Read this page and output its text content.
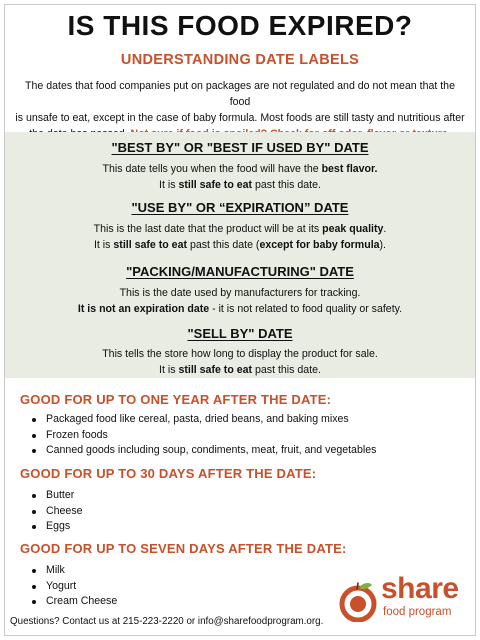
IS THIS FOOD EXPIRED?
UNDERSTANDING DATE LABELS
The dates that food companies put on packages are not regulated and do not mean that the food
is unsafe to eat, except in the case of baby formula. Most foods are still tasty and nutritious after
"BEST BY" OR "BEST IF USED BY" DATE
This date tells you when the food will have the best flavor.
It is still safe to eat past this date.
"USE BY" OR “EXPIRATION” DATE
This is the last date that the product will be at its peak quality.
It is still safe to eat past this date (except for baby formula).
"PACKING/MANUFACTURING" DATE
This is the date used by manufacturers for tracking.
It is not an expiration date - it is not related to food quality or safety.
"SELL BY" DATE
This tells the store how long to display the product for sale.
It is still safe to eat past this date.
GOOD FOR UP TO ONE YEAR AFTER THE DATE:
Packaged food like cereal, pasta, dried beans, and baking mixes
Frozen foods
Canned goods including soup, condiments, meat, fruit, and vegetables
GOOD FOR UP TO 30 DAYS AFTER THE DATE:
Butter
Cheese
Eggs
GOOD FOR UP TO SEVEN DAYS AFTER THE DATE:
Milk
Yogurt
Cream Cheese
Questions? Contact us at 215-223-2220 or info@sharefoodprogram.org.
share
food program
